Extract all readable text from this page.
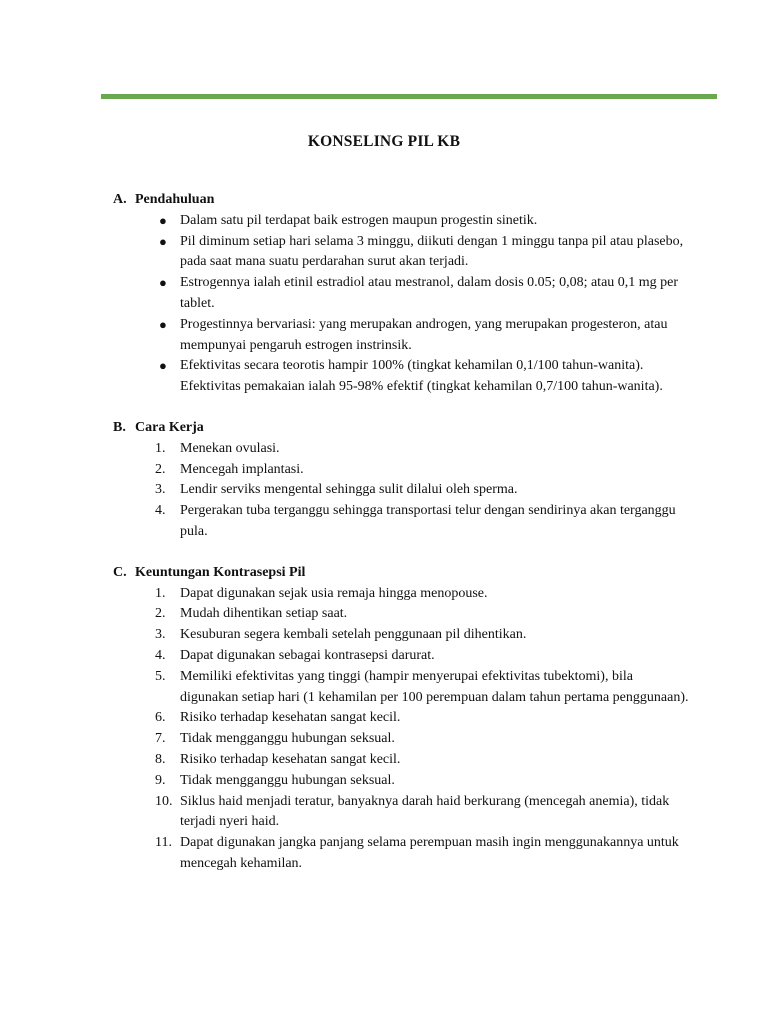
KONSELING PIL KB
A. Pendahuluan
● Dalam satu pil terdapat baik estrogen maupun progestin sinetik.
● Pil diminum setiap hari selama 3 minggu, diikuti dengan 1 minggu tanpa pil atau plasebo, pada saat mana suatu perdarahan surut akan terjadi.
● Estrogennya ialah etinil estradiol atau mestranol, dalam dosis 0.05; 0,08; atau 0,1 mg per tablet.
● Progestinnya bervariasi: yang merupakan androgen, yang merupakan progesteron, atau mempunyai pengaruh estrogen instrinsik.
● Efektivitas secara teorotis hampir 100% (tingkat kehamilan 0,1/100 tahun-wanita). Efektivitas pemakaian ialah 95-98% efektif (tingkat kehamilan 0,7/100 tahun-wanita).
B. Cara Kerja
1.	Menekan ovulasi.
2.	Mencegah implantasi.
3.	Lendir serviks mengental sehingga sulit dilalui oleh sperma.
4.	Pergerakan tuba terganggu sehingga transportasi telur dengan sendirinya akan terganggu pula.
C. Keuntungan Kontrasepsi Pil
1.	Dapat digunakan sejak usia remaja hingga menopouse.
2.	Mudah dihentikan setiap saat.
3.	Kesuburan segera kembali setelah penggunaan pil dihentikan.
4.	Dapat digunakan sebagai kontrasepsi darurat.
5.	Memiliki efektivitas yang tinggi (hampir menyerupai efektivitas tubektomi), bila digunakan setiap hari (1 kehamilan per 100 perempuan dalam tahun pertama penggunaan).
6.	Risiko terhadap kesehatan sangat kecil.
7.	Tidak mengganggu hubungan seksual.
8.	Risiko terhadap kesehatan sangat kecil.
9.	Tidak mengganggu hubungan seksual.
10. Siklus haid menjadi teratur, banyaknya darah haid berkurang (mencegah anemia), tidak terjadi nyeri haid.
11. Dapat digunakan jangka panjang selama perempuan masih ingin menggunakannya untuk mencegah kehamilan.
